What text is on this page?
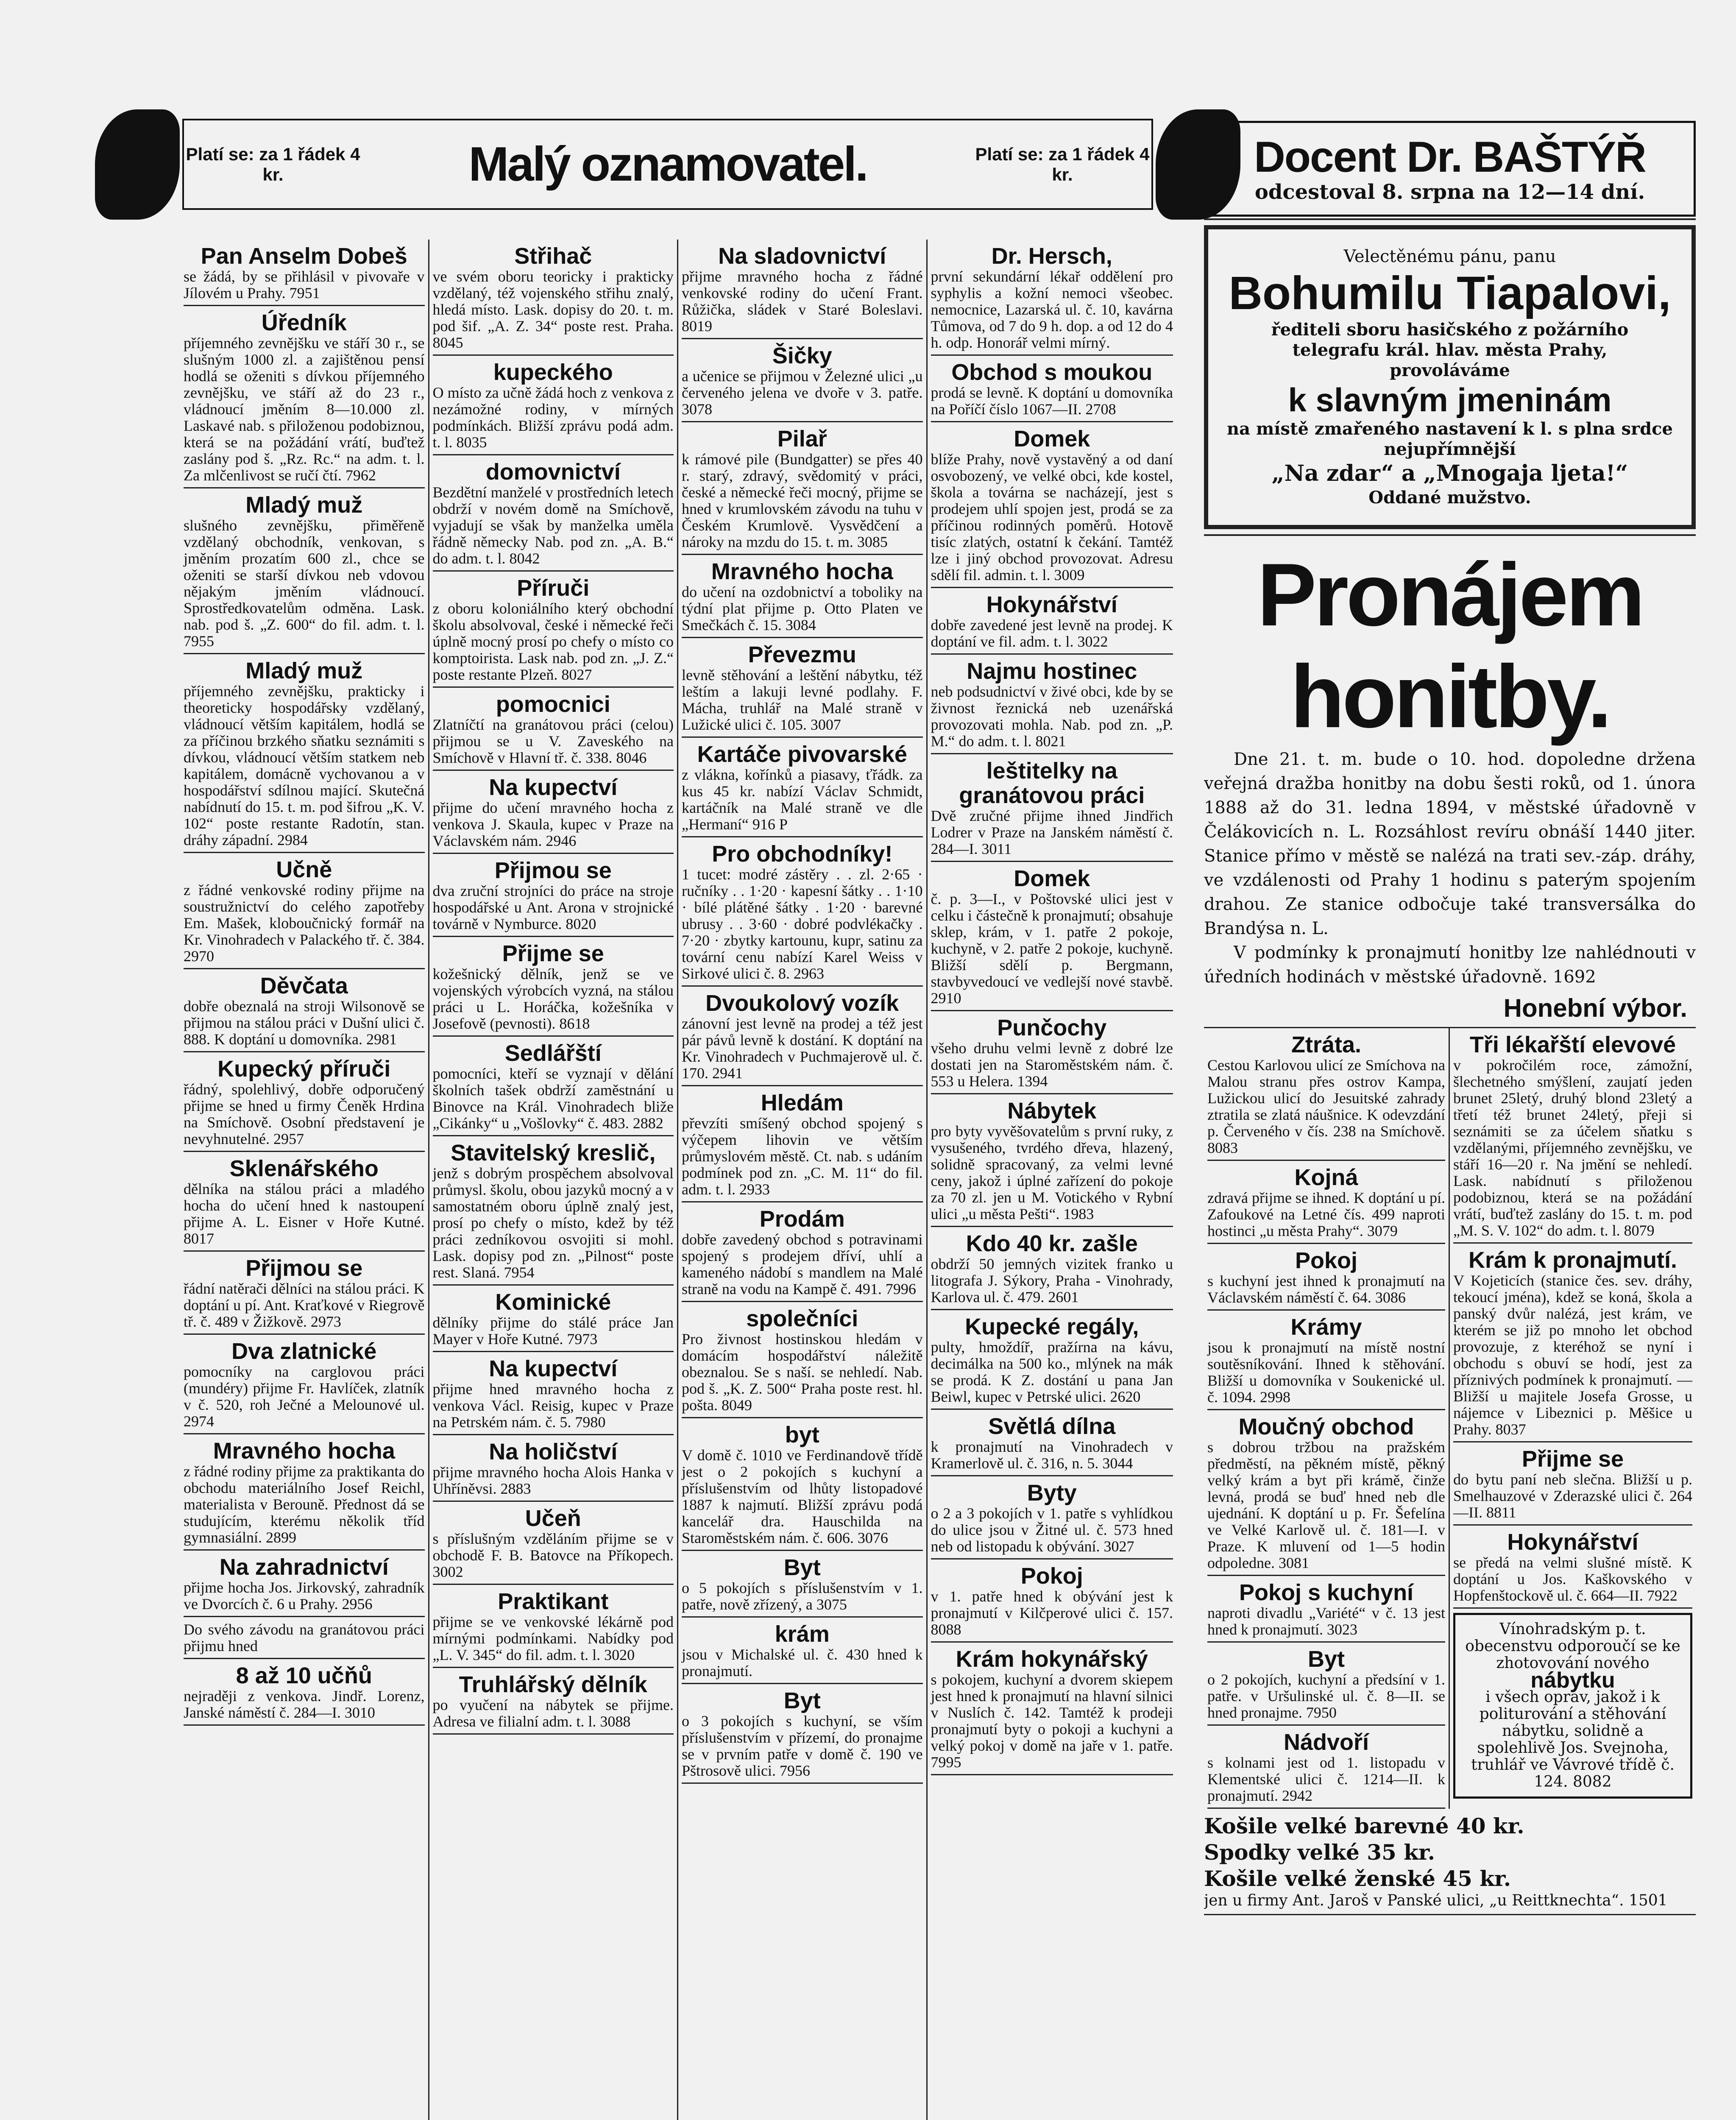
Platí se: za 1 řádek 4 kr.	Malý oznamovatel.	Platí se: za 1 řádek 4 kr.
Pan Anselm Dobeš
se žádá, by se přihlásil v pivovaře v Jílovém u Prahy. 7951
Úředník
příjemného zevnějšku ve stáří 30 r., se slušným 1000 zl. a zajištěnou pensí hodlá se oženiti s dívkou příjemného zevnějšku, ve stáří až do 23 r., vládnoucí jměním 8—10.000 zl. Laskavé nab. s přiloženou podobiznou, která se na požádání vrátí, buďtež zaslány pod š. „Rz. Rc.“ na adm. t. l. Za mlčenlivost se ručí čtí. 7962
Mladý muž
slušného zevnějšku, přiměřeně vzdělaný obchodník, venkovan, s jměním prozatím 600 zl., chce se oženiti se starší dívkou neb vdovou nějakým jměním vládnoucí. Sprostředkovatelům odměna. Lask. nab. pod š. „Z. 600“ do fil. adm. t. l. 7955
Mladý muž
příjemného zevnějšku, prakticky i theoreticky hospodářsky vzdělaný, vládnoucí větším kapitálem, hodlá se za příčinou brzkého sňatku seznámiti s dívkou, vládnoucí větším statkem neb kapitálem, domácně vychovanou a v hospodářství sdílnou mající. Skutečná nabídnutí do 15. t. m. pod šifrou „K. V. 102“ poste restante Radotín, stan. dráhy západní. 2984
Učně
z řádné venkovské rodiny přijme na soustružnictví do celého zapotřeby Em. Mašek, kloboučnický formář na Kr. Vinohradech v Palackého tř. č. 384. 2970
Děvčata
dobře obeznalá na stroji Wilsonově se přijmou na stálou práci v Dušní ulici č. 888. K doptání u domovníka. 2981
Kupecký příruči
řádný, spolehlivý, dobře odporučený přijme se hned u firmy Čeněk Hrdina na Smíchově. Osobní představení je nevyhnutelné. 2957
Sklenářského
dělníka na stálou práci a mladého hocha do učení hned k nastoupení přijme A. L. Eisner v Hoře Kutné. 8017
Přijmou se
řádní natěrači dělníci na stálou práci. K doptání u pí. Ant. Kraťkové v Riegrově tř. č. 489 v Žižkově. 2973
Dva zlatnické
pomocníky na carglovou práci (mundéry) přijme Fr. Havlíček, zlatník v č. 520, roh Ječné a Melounové ul. 2974
Mravného hocha
z řádné rodiny přijme za praktikanta do obchodu materiálního Josef Reichl, materialista v Berouně. Přednost dá se studujícím, kterému několik tříd gymnasiální. 2899
Na zahradnictví
přijme hocha Jos. Jirkovský, zahradník ve Dvorcích č. 6 u Prahy. 2956
Do svého závodu na granátovou práci přijmu hned
8 až 10 učňů
nejraději z venkova. Jindř. Lorenz, Janské náměstí č. 284—I. 3010
Střihač
ve svém oboru teoricky i prakticky vzdělaný, též vojenského střihu znalý, hledá místo. Lask. dopisy do 20. t. m. pod šif. „A. Z. 34“ poste rest. Praha. 8045
kupeckého
O místo za učně žádá hoch z venkova z nezámožné rodiny, v mírných podmínkách. Bližší zprávu podá adm. t. l. 8035
domovnictví
Bezdětní manželé v prostředních letech obdrží v novém domě na Smíchově, vyjadují se však by manželka uměla řádně německy Nab. pod zn. „A. B.“ do adm. t. l. 8042
Příruči
z oboru koloniálního který obchodní školu absolvoval, české i německé řeči úplně mocný prosí po chefy o místo co komptoirista. Lask nab. pod zn. „J. Z.“ poste restante Plzeň. 8027
pomocnici
Zlatníčtí na granátovou práci (celou) přijmou se u V. Zaveského na Smíchově v Hlavní tř. č. 338. 8046
Na kupectví
přijme do učení mravného hocha z venkova J. Skaula, kupec v Praze na Václavském nám. 2946
Přijmou se
dva zruční strojníci do práce na stroje hospodářské u Ant. Arona v strojnické továrně v Nymburce. 8020
Přijme se
kožešnický dělník, jenž se ve vojenských výrobcích vyzná, na stálou práci u L. Horáčka, kožešníka v Josefově (pevnosti). 8618
Sedlářští
pomocníci, kteří se vyznají v dělání školních tašek obdrží zaměstnání u Binovce na Král. Vinohradech bliže „Cikánky“ u „Vošlovky“ č. 483. 2882
Stavitelský kreslič,
jenž s dobrým prospěchem absolvoval průmysl. školu, obou jazyků mocný a v samostatném oboru úplně znalý jest, prosí po chefy o místo, kdež by též práci zedníkovou osvojiti si mohl. Lask. dopisy pod zn. „Pilnost“ poste rest. Slaná. 7954
Kominické
dělníky přijme do stálé práce Jan Mayer v Hoře Kutné. 7973
Na kupectví
přijme hned mravného hocha z venkova Václ. Reisig, kupec v Praze na Petrském nám. č. 5. 7980
Na holičství
přijme mravného hocha Alois Hanka v Uhříněvsi. 2883
Učeň
s příslušným vzděláním přijme se v obchodě F. B. Batovce na Příkopech. 3002
Praktikant
přijme se ve venkovské lékárně pod mírnými podmínkami. Nabídky pod „L. V. 345“ do fil. adm. t. l. 3020
Truhlářský dělník
po vyučení na nábytek se přijme. Adresa ve filialní adm. t. l. 3088
Na sladovnictví
přijme mravného hocha z řádné venkovské rodiny do učení Frant. Růžička, sládek v Staré Boleslavi. 8019
Šičky
a učenice se přijmou v Železné ulici „u červeného jelena ve dvoře v 3. patře. 3078
Pilař
k rámové pile (Bundgatter) se přes 40 r. starý, zdravý, svědomitý v práci, české a německé řeči mocný, přijme se hned v krumlovském závodu na tuhu v Českém Krumlově. Vysvědčení a nároky na mzdu do 15. t. m. 3085
Mravného hocha
do učení na ozdobnictví a toboliky na týdní plat přijme p. Otto Platen ve Smečkách č. 15. 3084
Převezmu
levně stěhování a leštění nábytku, též leštím a lakuji levné podlahy. F. Mácha, truhlář na Malé straně v Lužické ulici č. 105. 3007
Kartáče pivovarské
z vlákna, kořínků a piasavy, ťřádk. za kus 45 kr. nabízí Václav Schmidt, kartáčník na Malé straně ve dle „Hermaní“ 916 P
Pro obchodníky!
1 tucet: modré zástěry . . zl. 2·65 · ručníky . . 1·20 · kapesní šátky . . 1·10 · bílé plátěné šátky . 1·20 · barevné ubrusy . . 3·60 · dobré podvlékačky . 7·20 · zbytky kartounu, kupr, satinu za tovární cenu nabízí Karel Weiss v Sirkové ulici č. 8. 2963
Dvoukolový vozík
zánovní jest levně na prodej a též jest pár pávů levně k dostání. K doptání na Kr. Vinohradech v Puchmajerově ul. č. 170. 2941
Hledám
převzíti smíšený obchod spojený s výčepem lihovin ve větším průmyslovém městě. Ct. nab. s udáním podmínek pod zn. „C. M. 11“ do fil. adm. t. l. 2933
Prodám
dobře zavedený obchod s potravinami spojený s prodejem dříví, uhlí a kameného nádobí s mandlem na Malé straně na vodu na Kampě č. 491. 7996
společníci
Pro živnost hostinskou hledám v domácím hospodářství náležitě obeznalou. Se s naší. se nehledí. Nab. pod š. „K. Z. 500“ Praha poste rest. hl. pošta. 8049
byt
V domě č. 1010 ve Ferdinandově třídě jest o 2 pokojích s kuchyní a příslušenstvím od lhůty listopadové 1887 k najmutí. Bližší zprávu podá kancelář dra. Hauschilda na Staroměstském nám. č. 606. 3076
Byt
o 5 pokojích s příslušenstvím v 1. patře, nově zřízený, a 3075
krám
jsou v Michalské ul. č. 430 hned k pronajmutí.
Byt
o 3 pokojích s kuchyní, se vším příslušenstvím v přízemí, do pronajme se v prvním patře v domě č. 190 ve Pštrosově ulici. 7956
Dr. Hersch,
první sekundární lékař oddělení pro syphylis a kožní nemoci všeobec. nemocnice, Lazarská ul. č. 10, kavárna Tůmova, od 7 do 9 h. dop. a od 12 do 4 h. odp. Honorář velmi mírný.
Obchod s moukou
prodá se levně. K doptání u domovníka na Poříčí číslo 1067—II. 2708
Domek
blíže Prahy, nově vystavěný a od daní osvobozený, ve velké obci, kde kostel, škola a továrna se nacházejí, jest s prodejem uhlí spojen jest, prodá se za příčinou rodinných poměrů. Hotově tisíc zlatých, ostatní k čekání. Tamtéž lze i jiný obchod provozovat. Adresu sdělí fil. admin. t. l. 3009
Hokynářství
dobře zavedené jest levně na prodej. K doptání ve fil. adm. t. l. 3022
Najmu hostinec
neb podsudnictví v živé obci, kde by se živnost řeznická neb uzenářská provozovati mohla. Nab. pod zn. „P. M.“ do adm. t. l. 8021
leštitelky na granátovou práci
Dvě zručné přijme ihned Jindřich Lodrer v Praze na Janském náměstí č. 284—I. 3011
Domek
č. p. 3—I., v Poštovské ulici jest v celku i částečně k pronajmutí; obsahuje sklep, krám, v 1. patře 2 pokoje, kuchyně, v 2. patře 2 pokoje, kuchyně. Bližší sdělí p. Bergmann, stavbyvedoucí ve vedlejší nové stavbě. 2910
Punčochy
všeho druhu velmi levně z dobré lze dostati jen na Staroměstském nám. č. 553 u Helera. 1394
Nábytek
pro byty vyvěšovatelům s první ruky, z vysušeného, tvrdého dřeva, hlazený, solidně spracovaný, za velmi levné ceny, jakož i úplné zařízení do pokoje za 70 zl. jen u M. Votického v Rybní ulici „u města Pešti“. 1983
Kdo 40 kr. zašle
obdrží 50 jemných vizitek franko u litografa J. Sýkory, Praha - Vinohrady, Karlova ul. č. 479. 2601
Kupecké regály,
pulty, hmoždíř, pražírna na kávu, decimálka na 500 ko., mlýnek na mák se prodá. K Z. dostání u pana Jan Beiwl, kupec v Petrské ulici. 2620
Světlá dílna
k pronajmutí na Vinohradech v Kramerlově ul. č. 316, n. 5. 3044
Byty
o 2 a 3 pokojích v 1. patře s vyhlídkou do ulice jsou v Žitné ul. č. 573 hned neb od listopadu k obývání. 3027
Pokoj
v 1. patře hned k obývání jest k pronajmutí v Kilčperové ulici č. 157. 8088
Krám hokynářský
s pokojem, kuchyní a dvorem skiepem jest hned k pronajmutí na hlavní silnici v Nuslích č. 142. Tamtéž k prodeji pronajmutí byty o pokoji a kuchyni a velký pokoj v domě na jaře v 1. patře. 7995
Docent Dr. BAŠTÝŘ
odcestoval 8. srpna na 12—14 dní.
Velectěnému pánu, panu
Bohumilu Tiapalovi,
řediteli sboru hasičského z požárního telegrafu král. hlav. města Prahy,
provoláváme
k slavným jmeninám
na místě zmařeného nastavení k l. s plna srdce nejupřímnější
„Na zdar“ a „Mnogaja ljeta!“
Oddané mužstvo.
Pronájem honitby.

Dne 21. t. m. bude o 10. hod. dopoledne držena veřejná dražba honitby na dobu šesti roků, od 1. února 1888 až do 31. ledna 1894, v městské úřadovně v Čelákovicích n. L. Rozsáhlost revíru obnáší 1440 jiter. Stanice přímo v městě se nalézá na trati sev.-záp. dráhy, ve vzdálenosti od Prahy 1 hodinu s paterým spojením drahou. Ze stanice odbočuje také transversálka do Brandýsa n. L.

V podmínky k pronajmutí honitby lze nahlédnouti v úředních hodinách v městské úřadovně. 1692

Honební výbor.
Ztráta.
Cestou Karlovou ulicí ze Smíchova na Malou stranu přes ostrov Kampa, Lužickou ulicí do Jesuitské zahrady ztratila se zlatá náušnice. K odevzdání p. Červeného v čís. 238 na Smíchově. 8083
Kojná
zdravá přijme se ihned. K doptání u pí. Zafoukové na Letné čís. 499 naproti hostinci „u města Prahy“. 3079
Pokoj
s kuchyní jest ihned k pronajmutí na Václavském náměstí č. 64. 3086
Krámy
jsou k pronajmutí na místě nostní soutěsníkování. Ihned k stěhování. Bližší u domovníka v Soukenické ul. č. 1094. 2998
Moučný obchod
s dobrou tržbou na pražském předměstí, na pěkném místě, pěkný velký krám a byt při krámě, činže levná, prodá se buď hned neb dle ujednání. K doptání u p. Fr. Šefelína ve Velké Karlově ul. č. 181—I. v Praze. K mluvení od 1—5 hodin odpoledne. 3081
Pokoj s kuchyní
naproti divadlu „Variété“ v č. 13 jest hned k pronajmutí. 3023
Byt
o 2 pokojích, kuchyní a předsíní v 1. patře. v Uršulinské ul. č. 8—II. se hned pronajme. 7950
Nádvoří
s kolnami jest od 1. listopadu v Klementské ulici č. 1214—II. k pronajmutí. 2942
Tři lékařští elevové
v pokročilém roce, zámožní, šlechetného smýšlení, zaujatí jeden brunet 25letý, druhý blond 23letý a třetí též brunet 24letý, přeji si seznámiti se za účelem sňatku s vzdělanými, příjemného zevnějšku, ve stáří 16—20 r. Na jmění se nehledí. Lask. nabídnutí s přiloženou podobiznou, která se na požádání vrátí, buďtež zaslány do 15. t. m. pod „M. S. V. 102“ do adm. t. l. 8079
Krám k pronajmutí.
V Kojeticích (stanice čes. sev. dráhy, tekoucí jména), kdež se koná, škola a panský dvůr nalézá, jest krám, ve kterém se již po mnoho let obchod provozuje, z kteréhož se nyní i obchodu s obuví se hodí, jest za příznivých podmínek k pronajmutí. — Bližší u majitele Josefa Grosse, u nájemce v Libeznici p. Měšice u Prahy. 8037
Přijme se
do bytu paní neb slečna. Bližší u p. Smelhauzové v Zderazské ulici č. 264—II. 8811
Hokynářství
se předá na velmi slušné místě. K doptání u Jos. Kaškovského v Hopfenštockově ul. č. 664—II. 7922
Vínohradským p. t. obecenstvu odporoučí se ke zhotovování nového
nábytku
i všech oprav, jakož i k politurování a stěhování nábytku, solidně a spolehlivě Jos. Svejnoha, truhlář ve Vávrové třídě č. 124. 8082
Košile velké barevné 40 kr.
Spodky velké 35 kr.
Košile velké ženské 45 kr.
jen u firmy Ant. Jaroš v Panské ulici, „u Reittknechta“. 1501
